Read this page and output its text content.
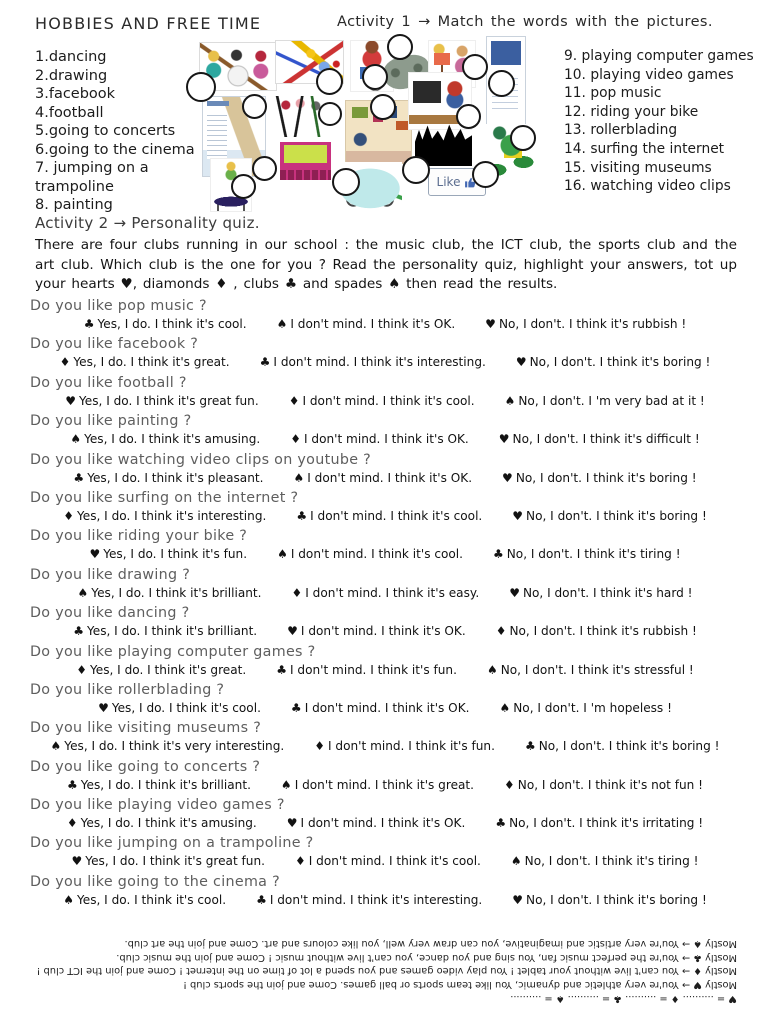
HOBBIES AND FREE TIME	Activity 1 → Match the words with the pictures.
1.dancing
2.drawing
3.facebook
4.football
5.going to concerts
6.going to the cinema
7. jumping on a trampoline
8. painting
9. playing computer games
10. playing video games
11. pop music
12. riding your bike
13. rollerblading
14. surfing the internet
15. visiting museums
16. watching video clips
Like
Activity 2 → Personality quiz.
There are four clubs running in our school : the music club, the ICT club, the sports club and the art club. Which club is the one for you ? Read the personality quiz, highlight your answers, tot up your hearts ♥, diamonds ♦ , clubs ♣ and spades ♠ then read the results.
Do you like pop music ?
♣ Yes, I do. I think it's cool.	♠ I don't mind. I think it's OK.	♥ No, I don't. I think it's rubbish !
Do you like facebook ?
♦ Yes, I do. I think it's great.	♣ I don't mind. I think it's interesting.	♥ No, I don't. I think it's boring !
Do you like football ?
♥ Yes, I do. I think it's great fun.	♦ I don't mind. I think it's cool.	♠ No, I don't. I 'm very bad at it !
Do you like painting ?
♠ Yes, I do. I think it's amusing.	♦ I don't mind. I think it's OK.	♥ No, I don't. I think it's difficult !
Do you like watching video clips on youtube ?
♣ Yes, I do. I think it's pleasant.	♠ I don't mind. I think it's OK.	♥ No, I don't. I think it's boring !
Do you like surfing on the internet ?
♦ Yes, I do. I think it's interesting.	♣ I don't mind. I think it's cool.	♥ No, I don't. I think it's boring !
Do you like riding your bike ?
♥ Yes, I do. I think it's fun.	♠ I don't mind. I think it's cool.	♣ No, I don't. I think it's tiring !
Do you like drawing ?
♠ Yes, I do. I think it's brilliant.	♦ I don't mind. I think it's easy.	♥ No, I don't. I think it's hard !
Do you like dancing ?
♣ Yes, I do. I think it's brilliant.	♥ I don't mind. I think it's OK.	♦ No, I don't. I think it's rubbish !
Do you like playing computer games ?
♦ Yes, I do. I think it's great.	♣ I don't mind. I think it's fun.	♠ No, I don't. I think it's stressful !
Do you like rollerblading ?
♥ Yes, I do. I think it's cool.	♣ I don't mind. I think it's OK.	♠ No, I don't. I 'm hopeless !
Do you like visiting museums ?
♠ Yes, I do. I think it's very interesting.	♦ I don't mind. I think it's fun.	♣ No, I don't. I think it's boring !
Do you like going to concerts ?
♣ Yes, I do. I think it's brilliant.	♠ I don't mind. I think it's great.	♦ No, I don't. I think it's not fun !
Do you like playing video games ?
♦ Yes, I do. I think it's amusing.	♥ I don't mind. I think it's OK.	♣ No, I don't. I think it's irritating !
Do you like jumping on a trampoline ?
♥ Yes, I do. I think it's great fun.	♦ I don't mind. I think it's cool.	♠ No, I don't. I think it's tiring !
Do you like going to the cinema ?
♠ Yes, I do. I think it's cool.	♣ I don't mind. I think it's interesting.	♥ No, I don't. I think it's boring !
♥ = .......... ♦ = .......... ♣ = .......... ♠ = ..........
Mostly ♥ → You're very athletic and dynamic, You like team sports or ball games. Come and join the sports club !
Mostly ♦ → You can't live without your tablet ! You play video games and you spend a lot of time on the internet ! Come and join the ICT club !
Mostly ♣ → You're the perfect music fan, You sing and you dance, you can't live without music ! Come and join the music club.
Mostly ♠ → You're very artistic and imaginative, you can draw very well, you like colours and art. Come and join the art club.
